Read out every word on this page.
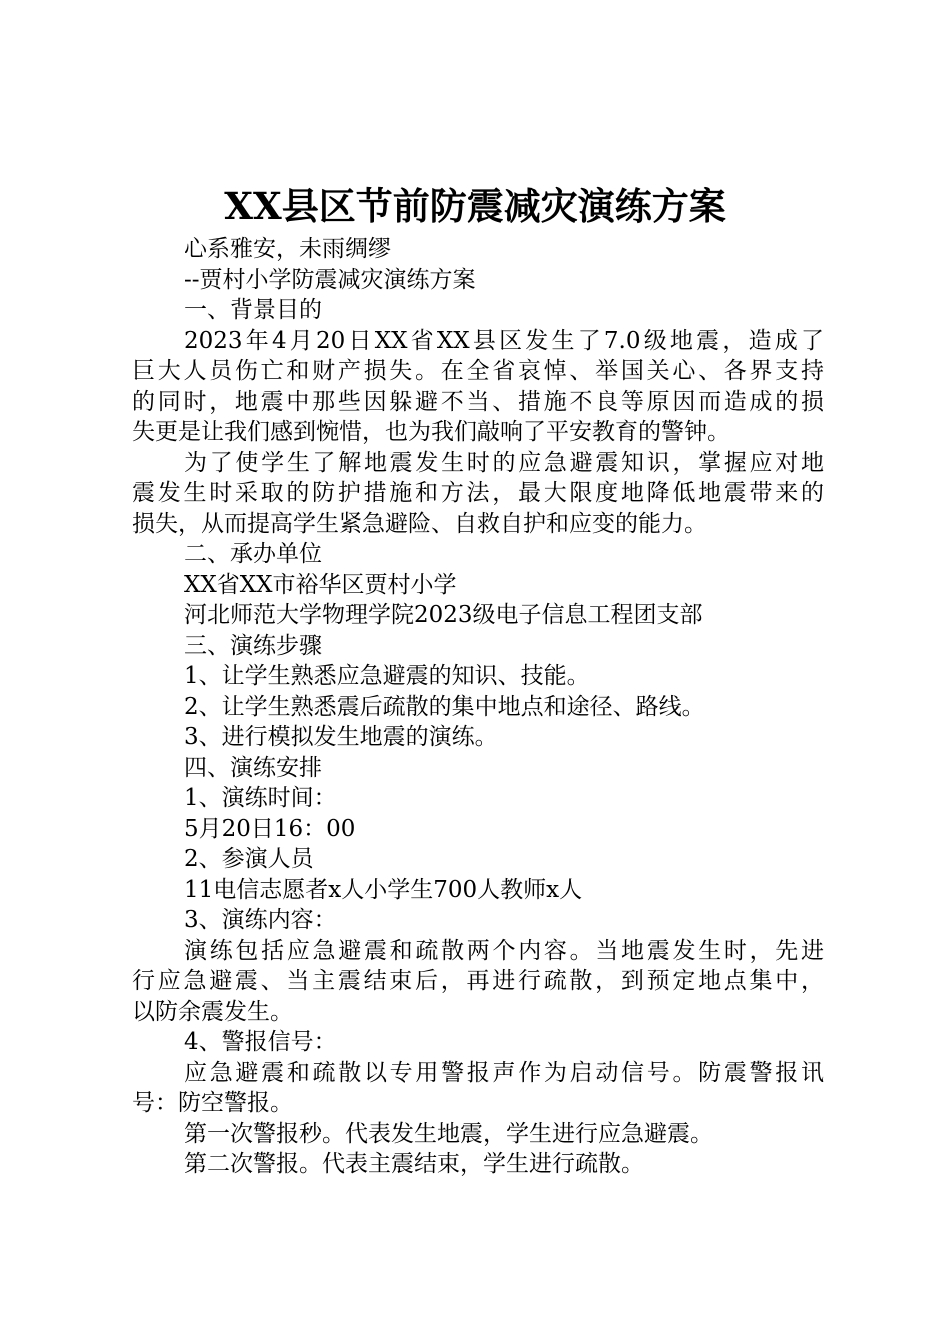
XX县区节前防震减灾演练方案
心系雅安，未雨绸缪
--贾村小学防震减灾演练方案
一、背景目的
2023年4月20日XX省XX县区发生了7.0级地震，造成了
巨大人员伤亡和财产损失。在全省哀悼、举国关心、各界支持
的同时，地震中那些因躲避不当、措施不良等原因而造成的损
失更是让我们感到惋惜，也为我们敲响了平安教育的警钟。
为了使学生了解地震发生时的应急避震知识，掌握应对地
震发生时采取的防护措施和方法，最大限度地降低地震带来的
损失，从而提高学生紧急避险、自救自护和应变的能力。
二、承办单位
XX省XX市裕华区贾村小学
河北师范大学物理学院2023级电子信息工程团支部
三、演练步骤
1、让学生熟悉应急避震的知识、技能。
2、让学生熟悉震后疏散的集中地点和途径、路线。
3、进行模拟发生地震的演练。
四、演练安排
1、演练时间：
5月20日16：00
2、参演人员
11电信志愿者x人小学生700人教师x人
3、演练内容：
演练包括应急避震和疏散两个内容。当地震发生时，先进
行应急避震、当主震结束后，再进行疏散，到预定地点集中，
以防余震发生。
4、警报信号：
应急避震和疏散以专用警报声作为启动信号。防震警报讯
号：防空警报。
第一次警报秒。代表发生地震，学生进行应急避震。
第二次警报。代表主震结束，学生进行疏散。
